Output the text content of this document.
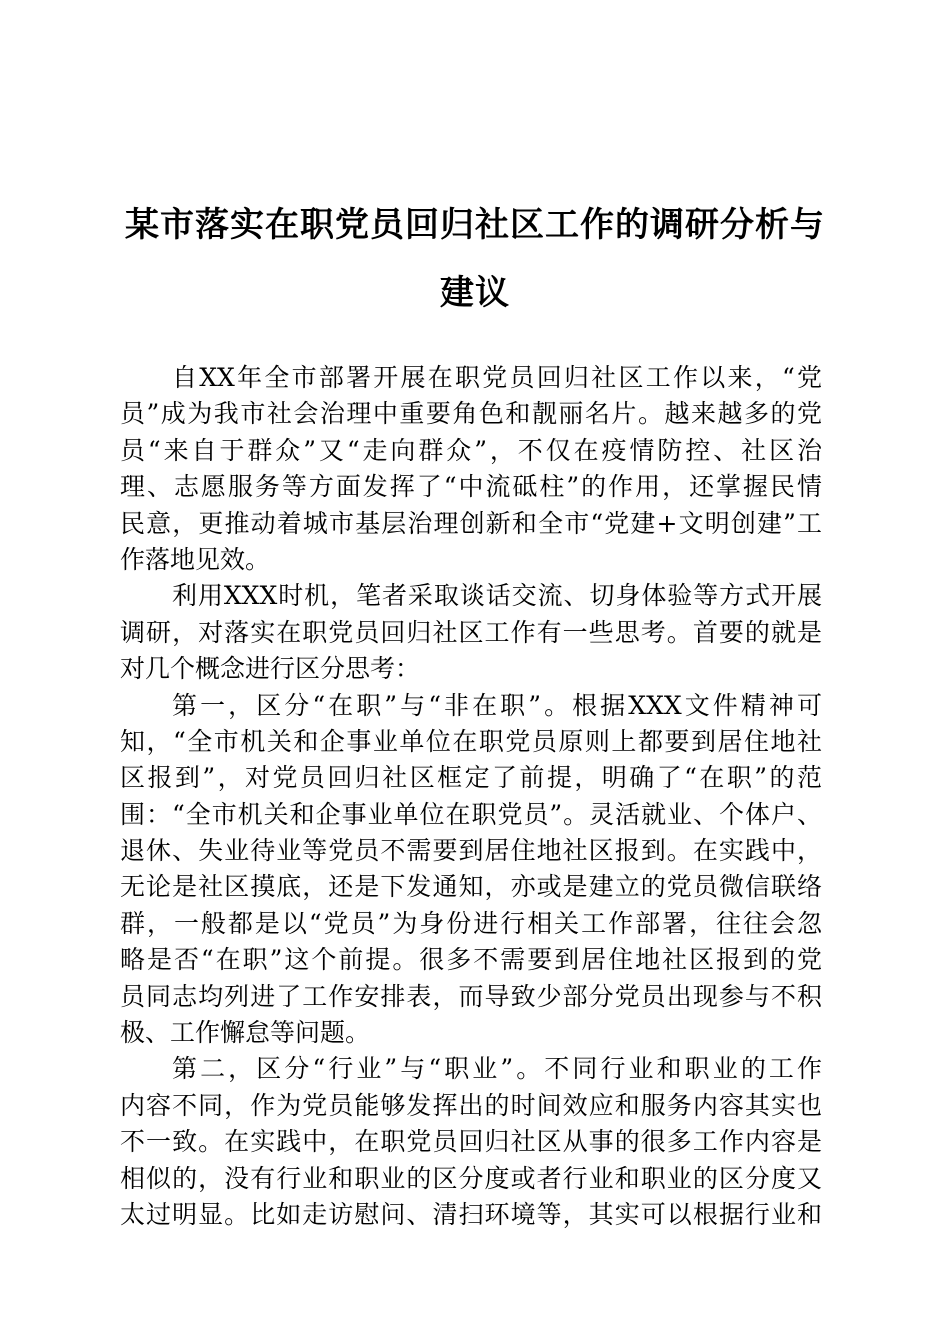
某市落实在职党员回归社区工作的调研分析与
建议
自XX年全市部署开展在职党员回归社区工作以来，“党
员”成为我市社会治理中重要角色和靓丽名片。越来越多的党
员“来自于群众”又“走向群众”，不仅在疫情防控、社区治
理、志愿服务等方面发挥了“中流砥柱”的作用，还掌握民情
民意，更推动着城市基层治理创新和全市“党建+文明创建”工
作落地见效。
利用XXX时机，笔者采取谈话交流、切身体验等方式开展
调研，对落实在职党员回归社区工作有一些思考。首要的就是
对几个概念进行区分思考：
第一，区分“在职”与“非在职”。根据XXX文件精神可
知，“全市机关和企事业单位在职党员原则上都要到居住地社
区报到”，对党员回归社区框定了前提，明确了“在职”的范
围：“全市机关和企事业单位在职党员”。灵活就业、个体户、
退休、失业待业等党员不需要到居住地社区报到。在实践中，
无论是社区摸底，还是下发通知，亦或是建立的党员微信联络
群，一般都是以“党员”为身份进行相关工作部署，往往会忽
略是否“在职”这个前提。很多不需要到居住地社区报到的党
员同志均列进了工作安排表，而导致少部分党员出现参与不积
极、工作懈怠等问题。
第二，区分“行业”与“职业”。不同行业和职业的工作
内容不同，作为党员能够发挥出的时间效应和服务内容其实也
不一致。在实践中，在职党员回归社区从事的很多工作内容是
相似的，没有行业和职业的区分度或者行业和职业的区分度又
太过明显。比如走访慰问、清扫环境等，其实可以根据行业和
